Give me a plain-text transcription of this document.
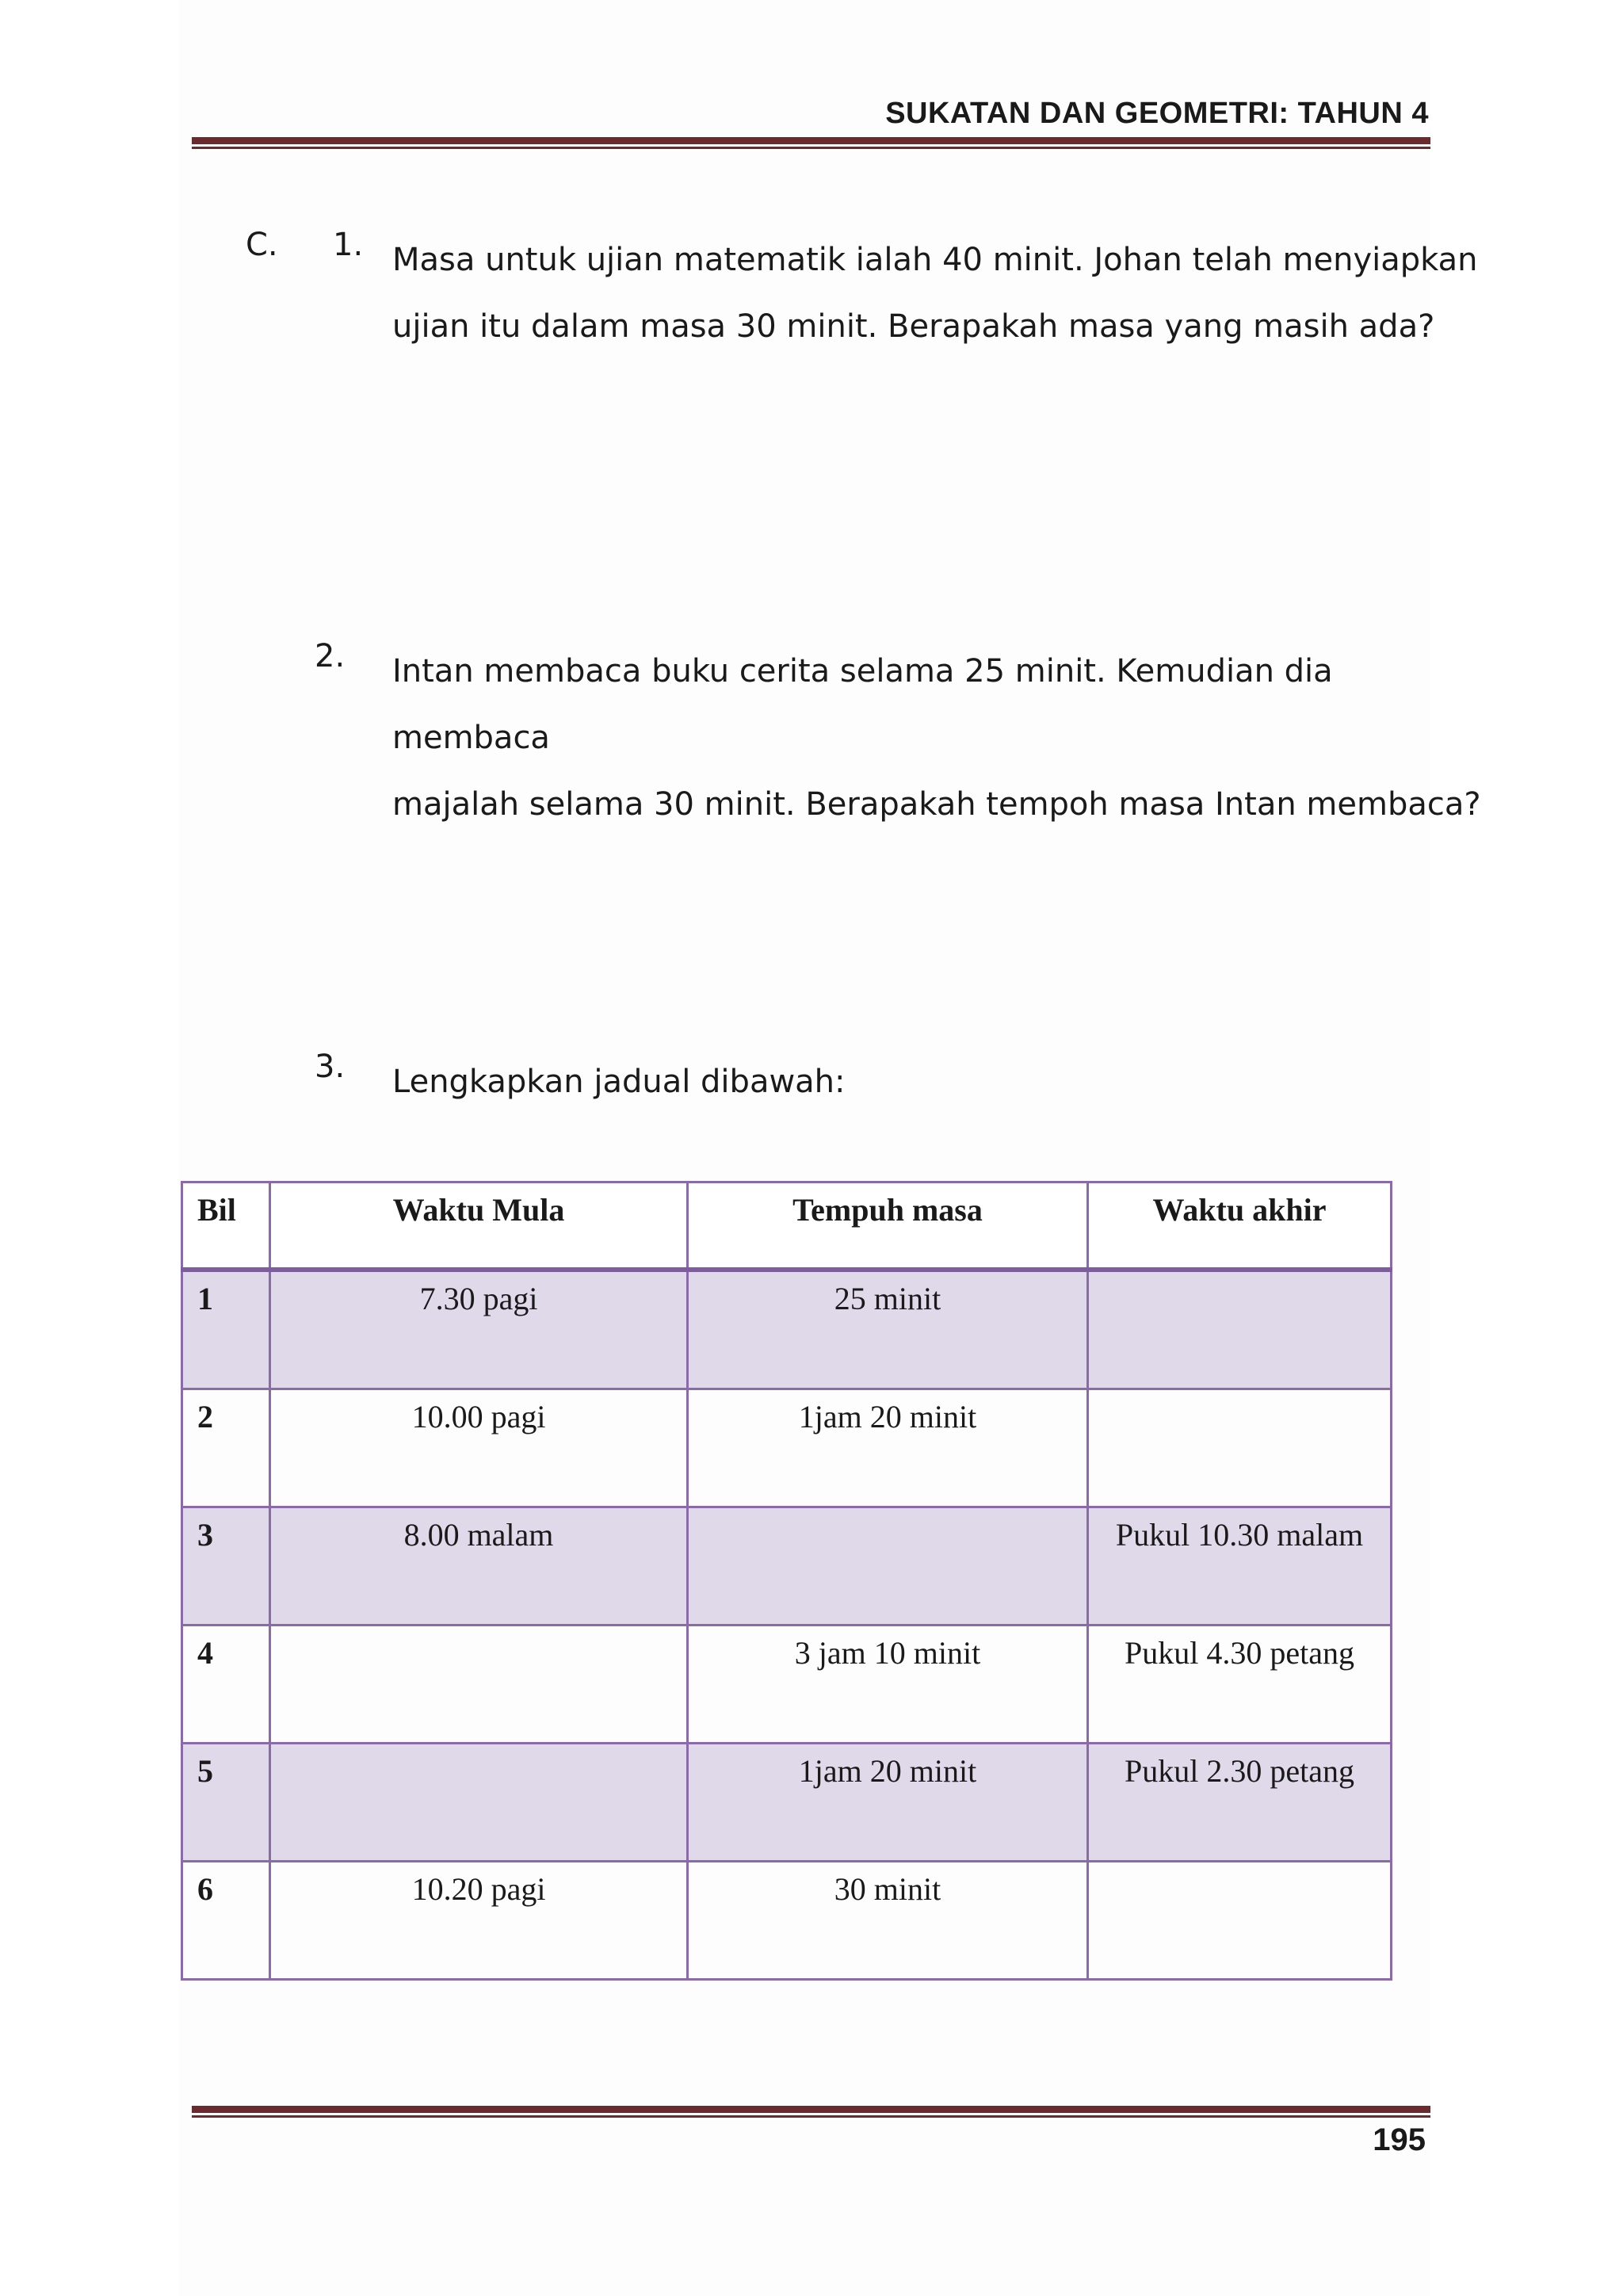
SUKATAN DAN GEOMETRI: TAHUN 4
C. 1. Masa untuk ujian matematik ialah 40 minit. Johan telah menyiapkan
ujian itu dalam masa 30 minit. Berapakah masa yang masih ada?
2. Intan membaca buku cerita selama 25 minit. Kemudian dia membaca
majalah selama 30 minit. Berapakah tempoh masa Intan membaca?
3. Lengkapkan jadual dibawah:
Bil	Waktu Mula	Tempuh masa	Waktu akhir
1	7.30 pagi	25 minit	
2	10.00 pagi	1jam 20 minit	
3	8.00 malam		Pukul 10.30 malam
4		3 jam 10 minit	Pukul 4.30 petang
5		1jam 20 minit	Pukul 2.30 petang
6	10.20 pagi	30 minit	
195
